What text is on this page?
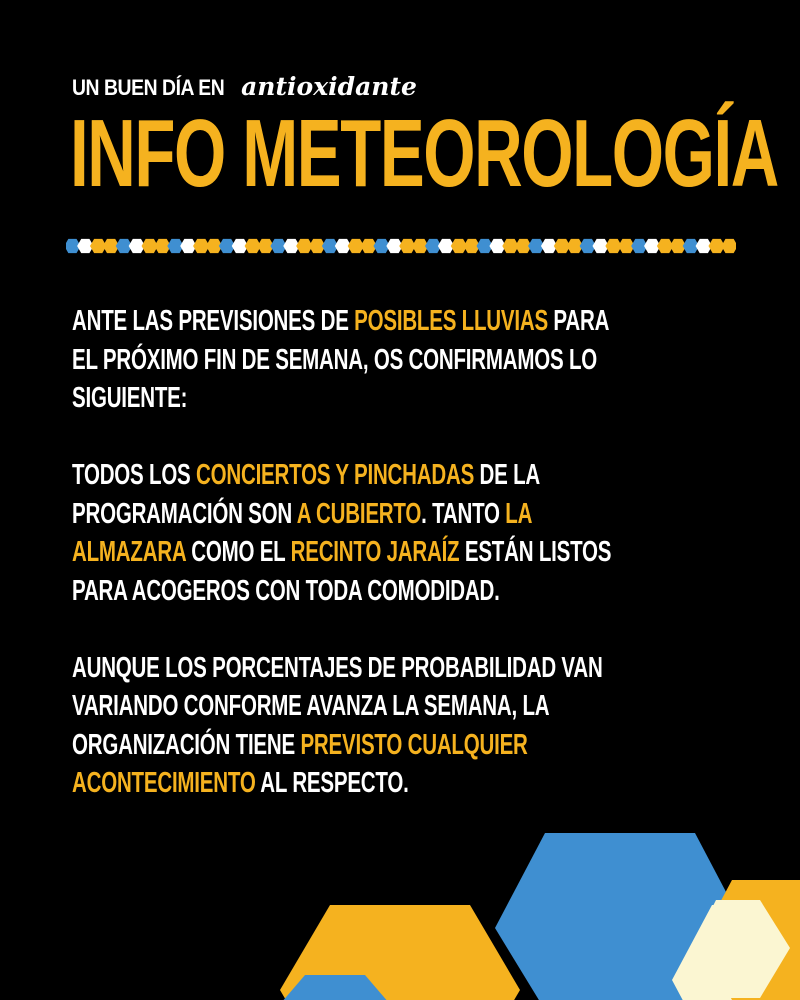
UN BUEN DÍA EN antioxidante
INFO METEOROLOGÍA

ANTE LAS PREVISIONES DE POSIBLES LLUVIAS PARA
EL PRÓXIMO FIN DE SEMANA, OS CONFIRMAMOS LO
SIGUIENTE:

TODOS LOS CONCIERTOS Y PINCHADAS DE LA
PROGRAMACIÓN SON A CUBIERTO. TANTO LA
ALMAZARA COMO EL RECINTO JARAÍZ ESTÁN LISTOS
PARA ACOGEROS CON TODA COMODIDAD.

AUNQUE LOS PORCENTAJES DE PROBABILIDAD VAN
VARIANDO CONFORME AVANZA LA SEMANA, LA
ORGANIZACIÓN TIENE PREVISTO CUALQUIER
ACONTECIMIENTO AL RESPECTO.
